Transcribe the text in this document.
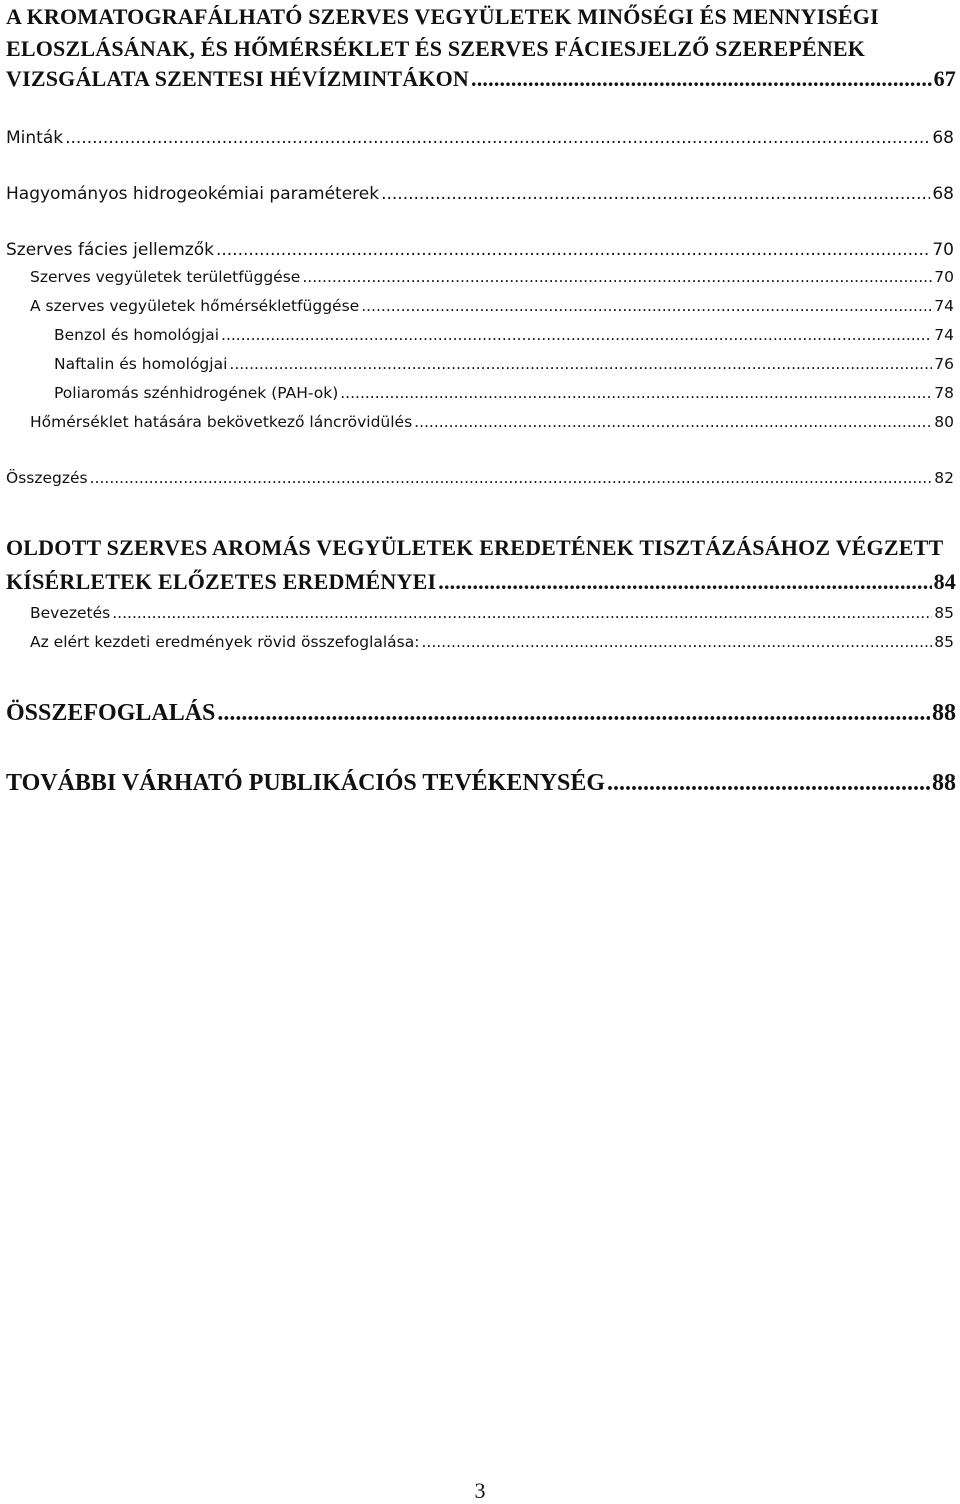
A KROMATOGRAFÁLHATÓ SZERVES VEGYÜLETEK MINŐSÉGI ÉS MENNYISÉGI
ELOSZLÁSÁNAK, ÉS HŐMÉRSÉKLET ÉS SZERVES FÁCIESJELZŐ SZEREPÉNEK
VIZSGÁLATA SZENTESI HÉVÍZMINTÁKON .....	67
Minták .....	68
Hagyományos hidrogeokémiai paraméterek .....	68
Szerves fácies jellemzők .....	70
Szerves vegyületek területfüggése .....	70
A szerves vegyületek hőmérsékletfüggése .....	74
Benzol és homológjai .....	74
Naftalin és homológjai .....	76
Poliaromás szénhidrogének (PAH-ok) .....	78
Hőmérséklet hatására bekövetkező láncrövidülés .....	80
Összegzés .....	82
OLDOTT SZERVES AROMÁS VEGYÜLETEK EREDETÉNEK TISZTÁZÁSÁHOZ VÉGZETT
KÍSÉRLETEK ELŐZETES EREDMÉNYEI .....	84
Bevezetés .....	85
Az elért kezdeti eredmények rövid összefoglalása: .....	85
ÖSSZEFOGLALÁS .....	88
TOVÁBBI VÁRHATÓ PUBLIKÁCIÓS TEVÉKENYSÉG .....	88
3
